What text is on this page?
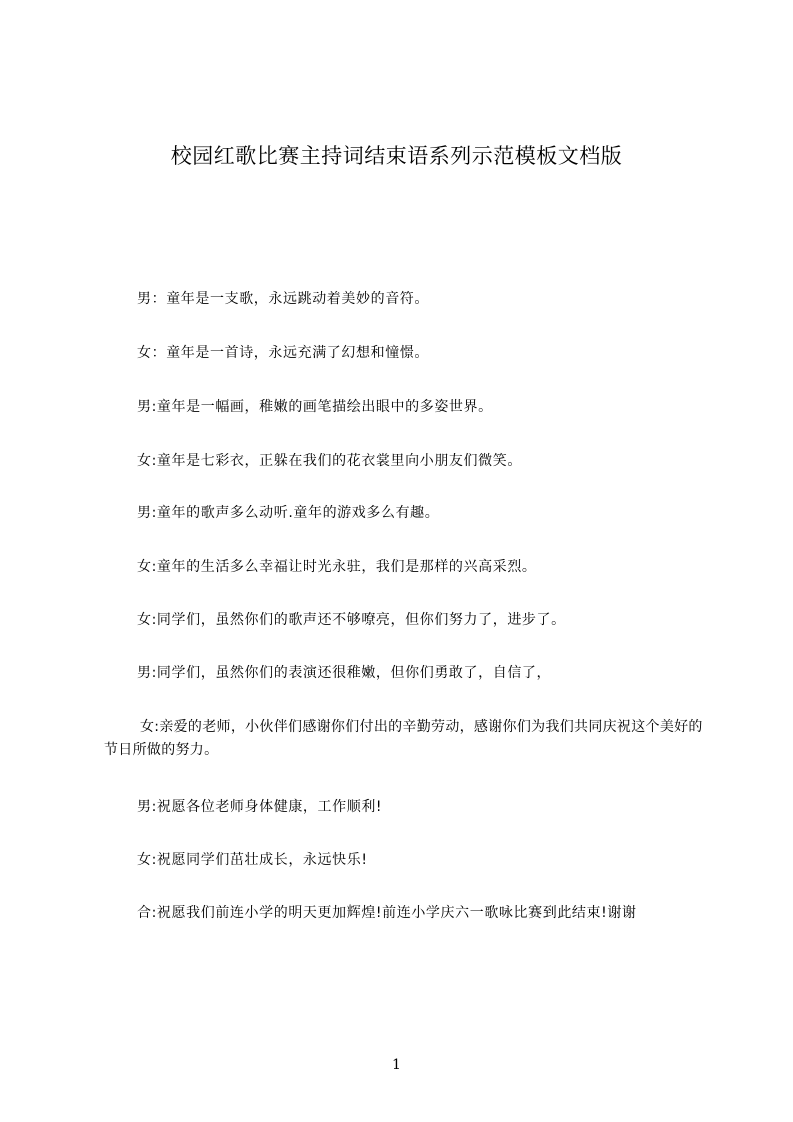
校园红歌比赛主持词结束语系列示范模板文档版
男：童年是一支歌，永远跳动着美妙的音符。
女：童年是一首诗，永远充满了幻想和憧憬。
男:童年是一幅画，稚嫩的画笔描绘出眼中的多姿世界。
女:童年是七彩衣，正躲在我们的花衣裳里向小朋友们微笑。
男:童年的歌声多么动听.童年的游戏多么有趣。
女:童年的生活多么幸福让时光永驻，我们是那样的兴高采烈。
女:同学们，虽然你们的歌声还不够嘹亮，但你们努力了，进步了。
男:同学们，虽然你们的表演还很稚嫩，但你们勇敢了，自信了，
女:亲爱的老师，小伙伴们感谢你们付出的辛勤劳动，感谢你们为我们共同庆祝这个美好的节日所做的努力。
男:祝愿各位老师身体健康，工作顺利!
女:祝愿同学们茁壮成长，永远快乐!
合:祝愿我们前连小学的明天更加辉煌!前连小学庆六一歌咏比赛到此结束!谢谢
1
